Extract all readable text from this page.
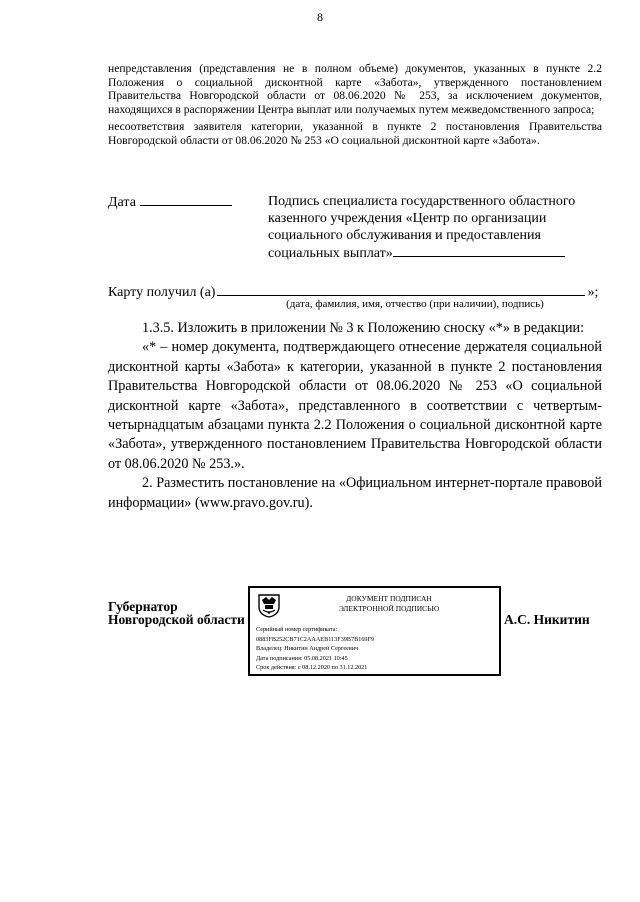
8

непредставления (представления не в полном объеме) документов, указанных в пункте 2.2 Положения о социальной дисконтной карте «Забота», утвержденного постановлением Правительства Новгородской области от 08.06.2020 № 253, за исключением документов, находящихся в распоряжении Центра выплат или получаемых путем межведомственного запроса;

несоответствия заявителя категории, указанной в пункте 2 постановления Правительства Новгородской области от 08.06.2020 № 253 «О социальной дисконтной карте «Забота».

Дата	Подпись специалиста государственного областного казенного учреждения «Центр по организации социального обслуживания и предоставления социальных выплат»
Карту получил (а)	»;
(дата, фамилия, имя, отчество (при наличии), подпись)

1.3.5. Изложить в приложении № 3 к Положению сноску «*» в редакции:

«* – номер документа, подтверждающего отнесение держателя социальной дисконтной карты «Забота» к категории, указанной в пункте 2 постановления Правительства Новгородской области от 08.06.2020 № 253 «О социальной дисконтной карте «Забота», представленного в соответствии с четвертым-четырнадцатым абзацами пункта 2.2 Положения о социальной дисконтной карте «Забота», утвержденного постановлением Правительства Новгородской области от 08.06.2020 № 253.».

2. Разместить постановление на «Официальном интернет-портале правовой информации» (www.pravo.gov.ru).

Губернатор
Новгородской области
ДОКУМЕНТ ПОДПИСАН
ЭЛЕКТРОННОЙ ПОДПИСЬЮ
Серийный номер сертификата:
0883FB252CB71C2AAAEB113F39B7B169F9
Владелец: Никитин Андрей Сергеевич
Дата подписания: 05.08.2021 10:45
Срок действия: с 08.12.2020 по 31.12.2021
А.С. Никитин
